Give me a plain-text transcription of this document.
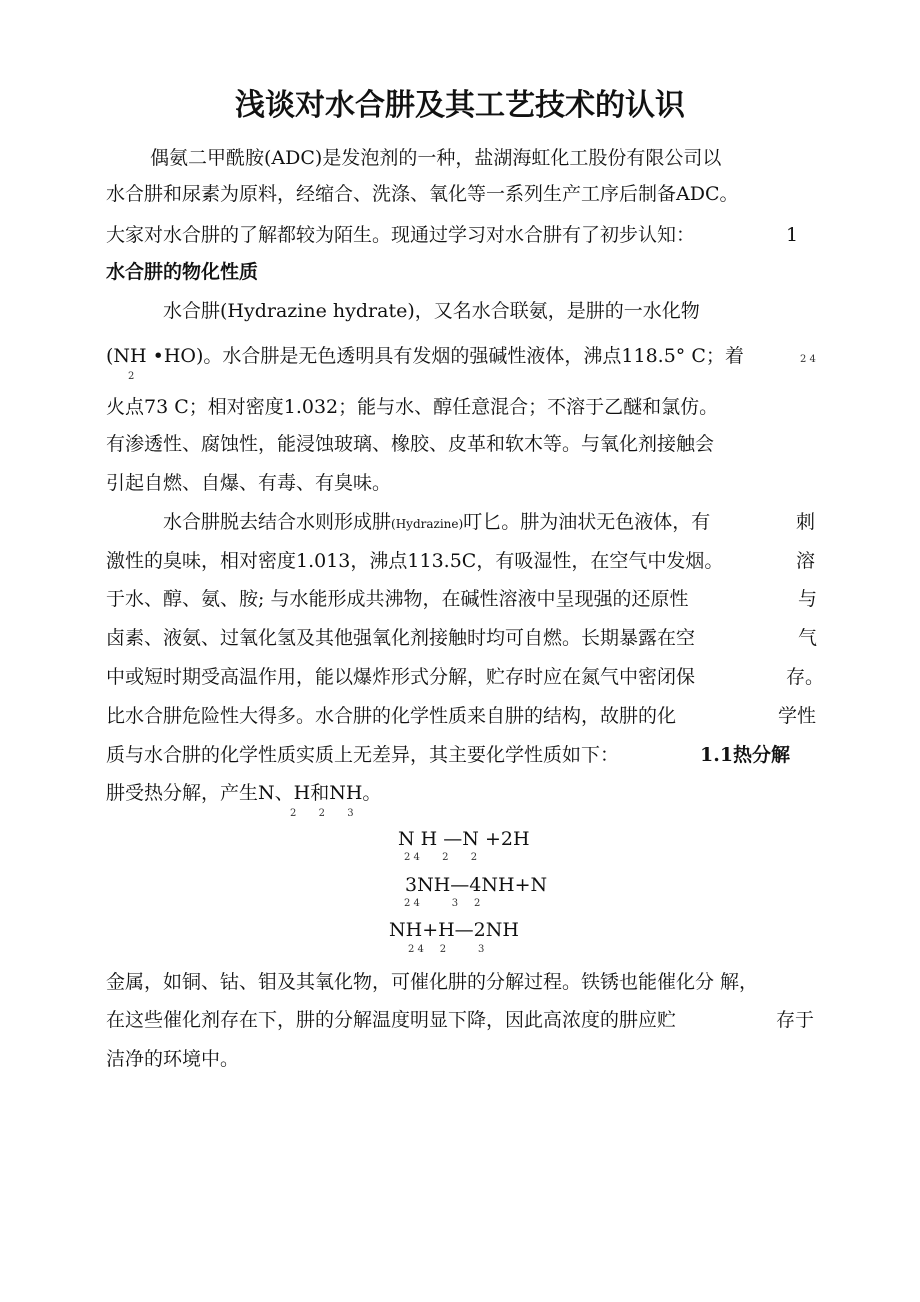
浅谈对水合肼及其工艺技术的认识
偶氨二甲酰胺(ADC)是发泡剂的一种，盐湖海虹化工股份有限公司以
水合肼和尿素为原料，经缩合、洗涤、氧化等一系列生产工序后制备ADC。
大家对水合肼的了解都较为陌生。现通过学习对水合肼有了初步认知：	1
水合肼的物化性质
水合肼(Hydrazine hydrate)，又名水合联氨，是肼的一水化物
(NH •HO)。水合肼是无色透明具有发烟的强碱性液体，沸点118.5° C；着	2 4
2
火点73 C；相对密度1.032；能与水、醇任意混合；不溶于乙醚和氯仿。
有渗透性、腐蚀性，能浸蚀玻璃、橡胶、皮革和软木等。与氧化剂接触会
引起自燃、自爆、有毒、有臭味。
水合肼脱去结合水则形成肼(Hydrazine)叮匕。肼为油状无色液体，有	刺
激性的臭味，相对密度1.013，沸点113.5C，有吸湿性，在空气中发烟。	溶
于水、醇、氨、胺; 与水能形成共沸物，在碱性溶液中呈现强的还原性	与
卤素、液氨、过氧化氢及其他强氧化剂接触时均可自燃。长期暴露在空	气
中或短时期受高温作用，能以爆炸形式分解，贮存时应在氮气中密闭保	存。
比水合肼危险性大得多。水合肼的化学性质来自肼的结构，故肼的化	学性
质与水合肼的化学性质实质上无差异，其主要化学性质如下：	1.1热分解
肼受热分解，产生N、H和NH。
2       2       3
N H —N +2H
2 4       2       2
3NH—4NH+N
2 4          3     2
NH+H—2NH
2 4     2          3
金属，如铜、钴、钼及其氧化物，可催化肼的分解过程。铁锈也能催化分 解，
在这些催化剂存在下，肼的分解温度明显下降，因此高浓度的肼应贮	存于
洁净的环境中。
